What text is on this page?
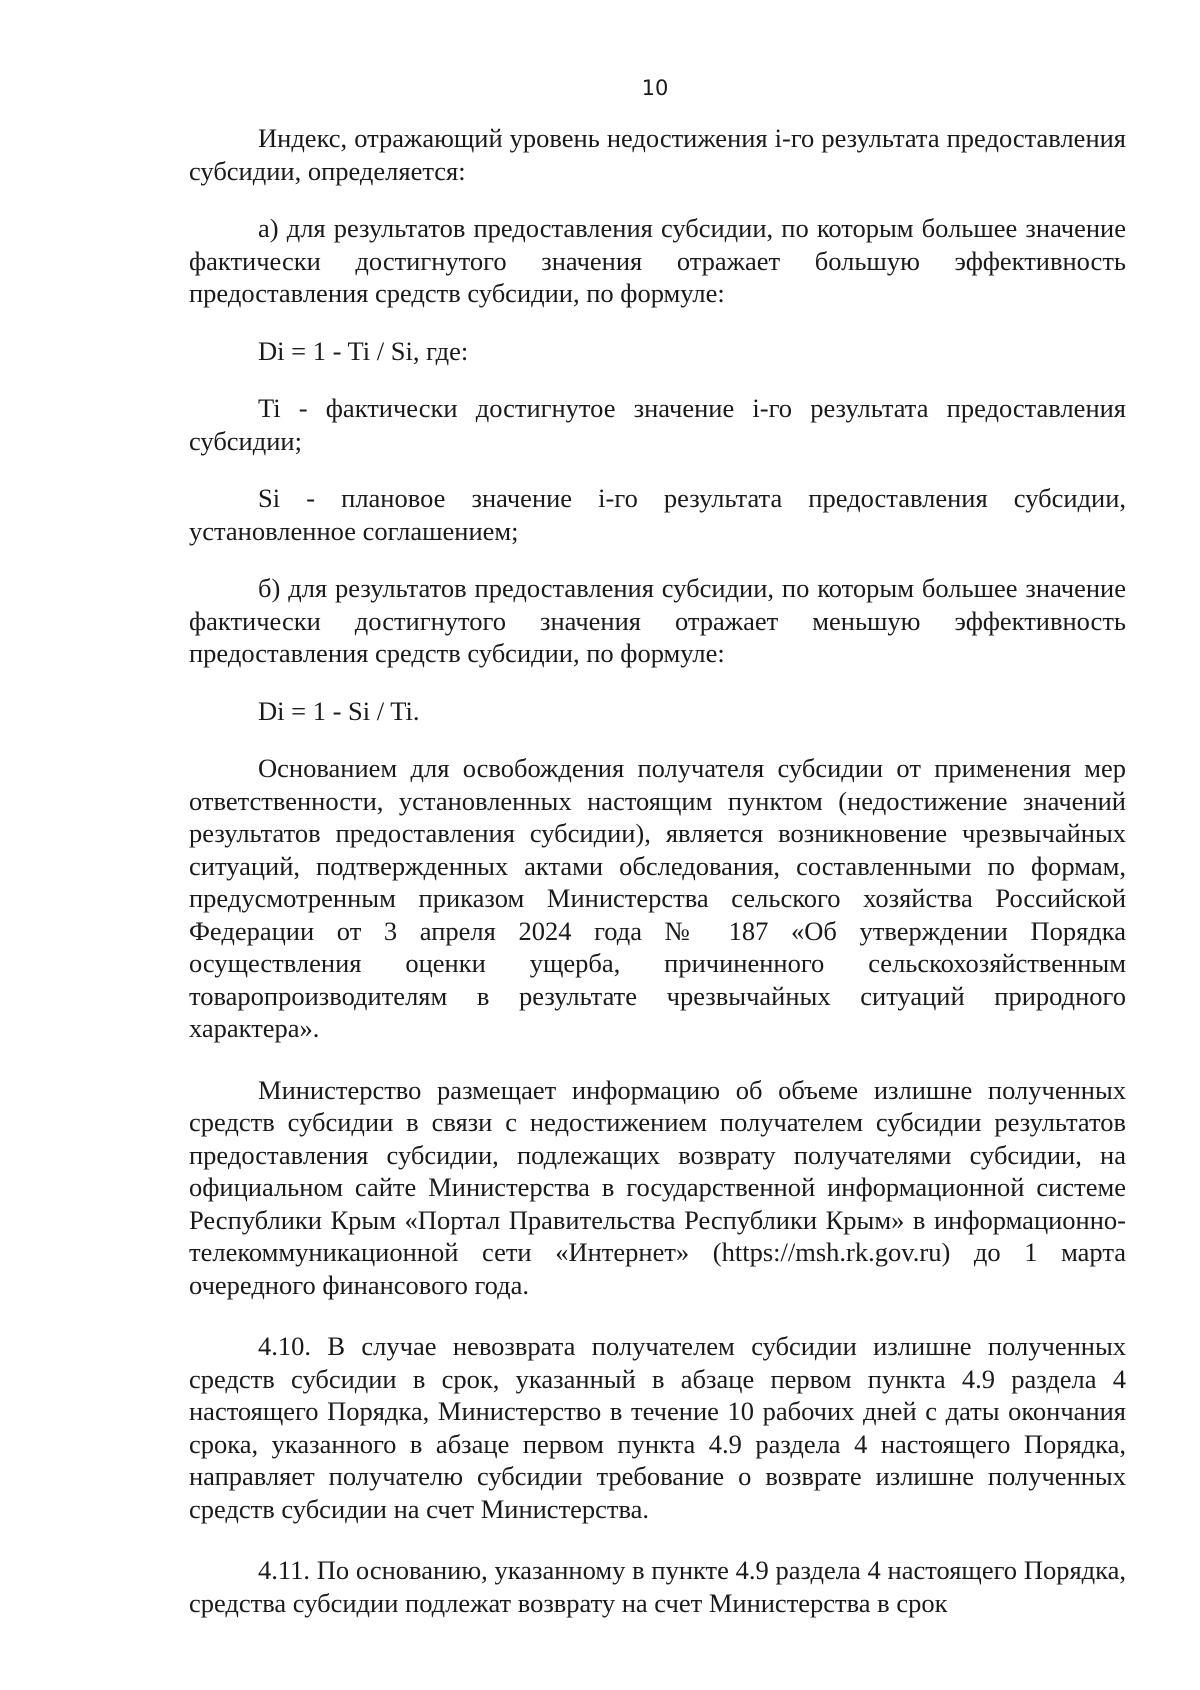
10

Индекс, отражающий уровень недостижения i-го результата предоставления субсидии, определяется:

а) для результатов предоставления субсидии, по которым большее значение фактически достигнутого значения отражает большую эффективность предоставления средств субсидии, по формуле:

Di = 1 - Ti / Si, где:

Ti - фактически достигнутое значение i-го результата предоставления субсидии;

Si - плановое значение i-го результата предоставления субсидии, установленное соглашением;

б) для результатов предоставления субсидии, по которым большее значение фактически достигнутого значения отражает меньшую эффективность предоставления средств субсидии, по формуле:

Di = 1 - Si / Ti.

Основанием для освобождения получателя субсидии от применения мер ответственности, установленных настоящим пунктом (недостижение значений результатов предоставления субсидии), является возникновение чрезвычайных ситуаций, подтвержденных актами обследования, составленными по формам, предусмотренным приказом Министерства сельского хозяйства Российской Федерации от 3 апреля 2024 года № 187 «Об утверждении Порядка осуществления оценки ущерба, причиненного сельскохозяйственным товаропроизводителям в результате чрезвычайных ситуаций природного характера».

Министерство размещает информацию об объеме излишне полученных средств субсидии в связи с недостижением получателем субсидии результатов предоставления субсидии, подлежащих возврату получателями субсидии, на официальном сайте Министерства в государственной информационной системе Республики Крым «Портал Правительства Республики Крым» в информационно-телекоммуникационной сети «Интернет» (https://msh.rk.gov.ru) до 1 марта очередного финансового года.

4.10. В случае невозврата получателем субсидии излишне полученных средств субсидии в срок, указанный в абзаце первом пункта 4.9 раздела 4 настоящего Порядка, Министерство в течение 10 рабочих дней с даты окончания срока, указанного в абзаце первом пункта 4.9 раздела 4 настоящего Порядка, направляет получателю субсидии требование о возврате излишне полученных средств субсидии на счет Министерства.

4.11. По основанию, указанному в пункте 4.9 раздела 4 настоящего Порядка, средства субсидии подлежат возврату на счет Министерства в срок
